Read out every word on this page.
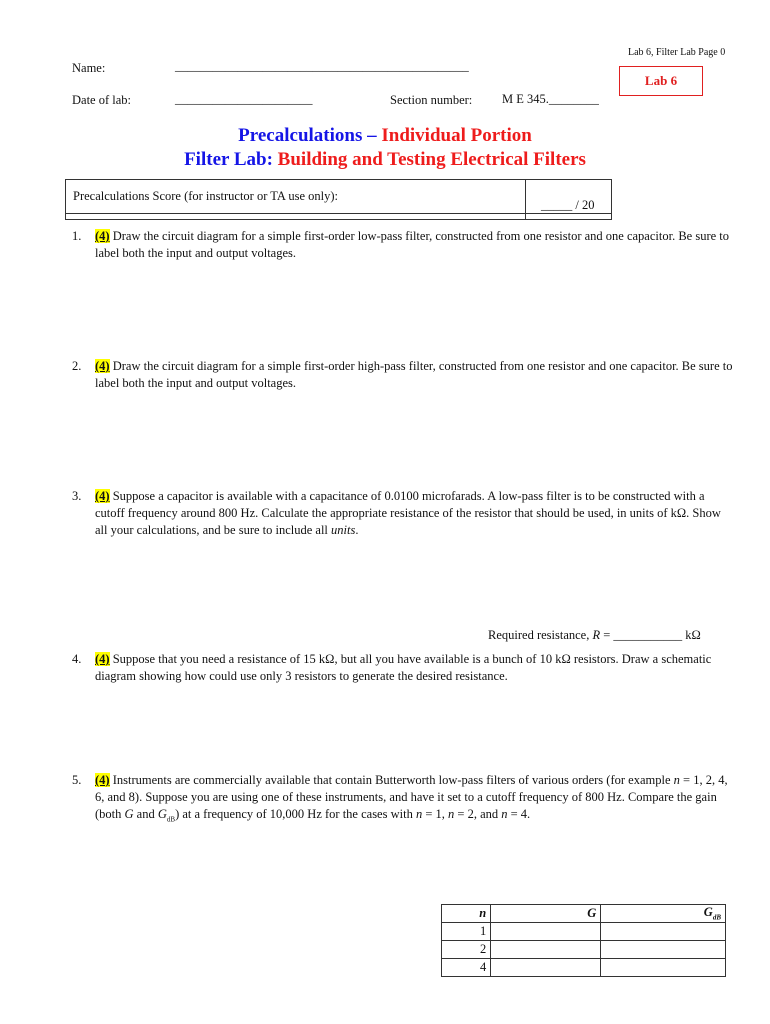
Lab 6, Filter Lab Page 0
Lab 6
Name:	_______________________________________________
Date of lab:	______________________	Section number: M E 345.________
Precalculations – Individual Portion
Filter Lab: Building and Testing Electrical Filters
Precalculations Score (for instructor or TA use only):
_____ / 20
1. (4) Draw the circuit diagram for a simple first-order low-pass filter, constructed from one resistor and one capacitor. Be sure to label both the input and output voltages.
2. (4) Draw the circuit diagram for a simple first-order high-pass filter, constructed from one resistor and one capacitor. Be sure to label both the input and output voltages.
3. (4) Suppose a capacitor is available with a capacitance of 0.0100 microfarads. A low-pass filter is to be constructed with a cutoff frequency around 800 Hz. Calculate the appropriate resistance of the resistor that should be used, in units of kΩ. Show all your calculations, and be sure to include all units.
Required resistance, R = ___________ kΩ
4. (4) Suppose that you need a resistance of 15 kΩ, but all you have available is a bunch of 10 kΩ resistors. Draw a schematic diagram showing how could use only 3 resistors to generate the desired resistance.
5. (4) Instruments are commercially available that contain Butterworth low-pass filters of various orders (for example n = 1, 2, 4, 6, and 8). Suppose you are using one of these instruments, and have it set to a cutoff frequency of 800 Hz. Compare the gain (both G and $G_{dB}$) at a frequency of 10,000 Hz for the cases with n = 1, n = 2, and n = 4.
n	G	$G_{dB}$
1		
2		
4		
